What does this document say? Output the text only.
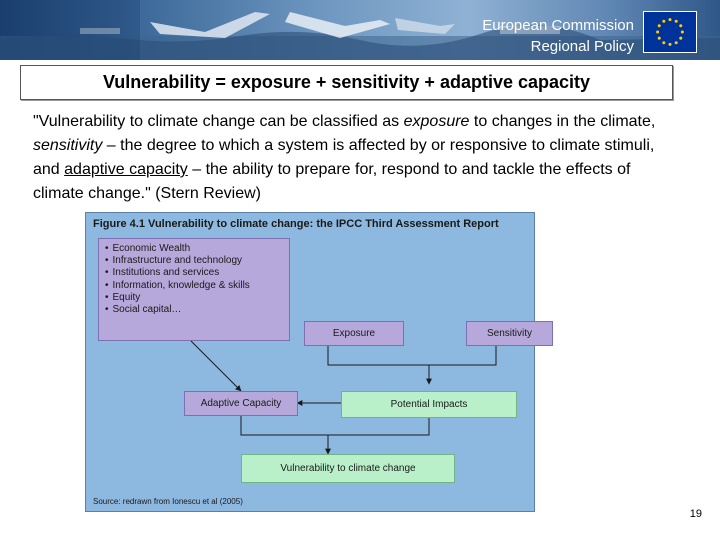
European Commission
Regional Policy
Vulnerability = exposure + sensitivity + adaptive capacity
"Vulnerability to climate change can be classified as exposure to changes in the climate, sensitivity – the degree to which a system is affected by or responsive to climate stimuli, and adaptive capacity – the ability to prepare for, respond to and tackle the effects of climate change." (Stern Review)
Figure 4.1 Vulnerability to climate change: the IPCC Third Assessment Report
• Economic Wealth
• Infrastructure and technology
• Institutions and services
• Information, knowledge & skills
• Equity
• Social capital…
Exposure	Sensitivity
Adaptive Capacity	Potential Impacts
Vulnerability to climate change
Source: redrawn from Ionescu et al (2005)
19
